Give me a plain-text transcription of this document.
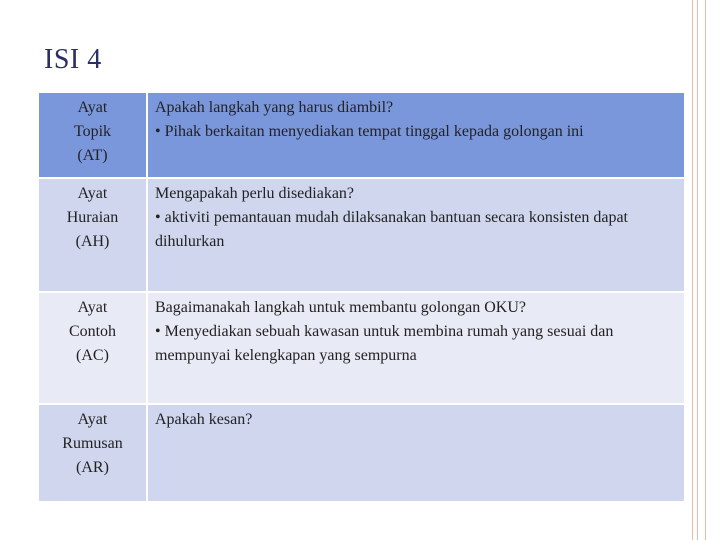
ISI 4
Ayat
Topik
(AT)	Apakah langkah yang harus diambil?
• Pihak berkaitan menyediakan tempat tinggal kepada golongan ini

Ayat
Huraian
(AH)	Mengapakah perlu disediakan?
• aktiviti pemantauan mudah dilaksanakan bantuan secara konsisten dapat dihulurkan

Ayat
Contoh
(AC)	Bagaimanakah langkah untuk membantu golongan OKU?
• Menyediakan sebuah kawasan untuk membina rumah yang sesuai dan mempunyai kelengkapan yang sempurna

Ayat
Rumusan
(AR)	Apakah kesan?
